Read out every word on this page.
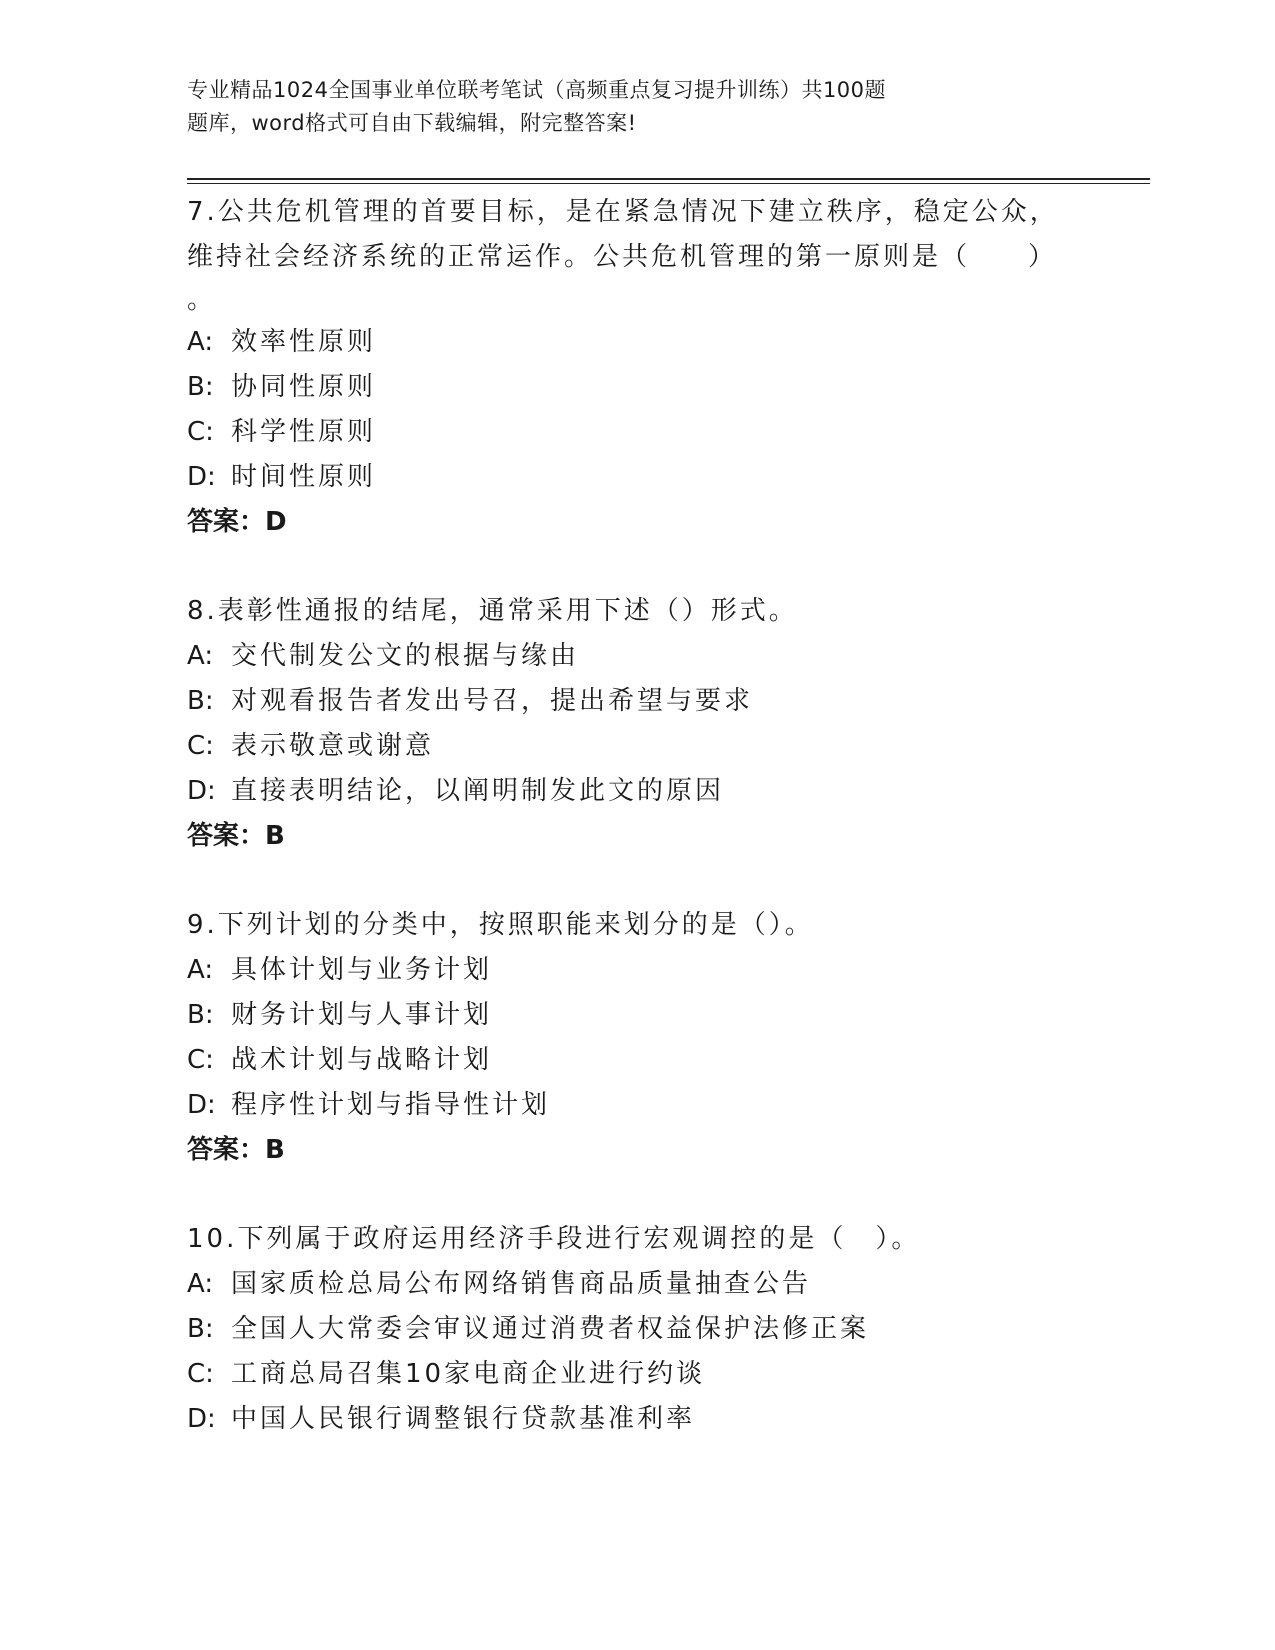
专业精品1024全国事业单位联考笔试（高频重点复习提升训练）共100题
题库，word格式可自由下载编辑，附完整答案!
7.公共危机管理的首要目标，是在紧急情况下建立秩序，稳定公众，
维持社会经济系统的正常运作。公共危机管理的第一原则是（　　）
。
A: 效率性原则
B: 协同性原则
C: 科学性原则
D: 时间性原则
答案：D
8.表彰性通报的结尾，通常采用下述（）形式。
A: 交代制发公文的根据与缘由
B: 对观看报告者发出号召，提出希望与要求
C: 表示敬意或谢意
D: 直接表明结论，以阐明制发此文的原因
答案：B
9.下列计划的分类中，按照职能来划分的是（）。
A: 具体计划与业务计划
B: 财务计划与人事计划
C: 战术计划与战略计划
D: 程序性计划与指导性计划
答案：B
10.下列属于政府运用经济手段进行宏观调控的是（　）。
A: 国家质检总局公布网络销售商品质量抽查公告
B: 全国人大常委会审议通过消费者权益保护法修正案
C: 工商总局召集10家电商企业进行约谈
D: 中国人民银行调整银行贷款基准利率
